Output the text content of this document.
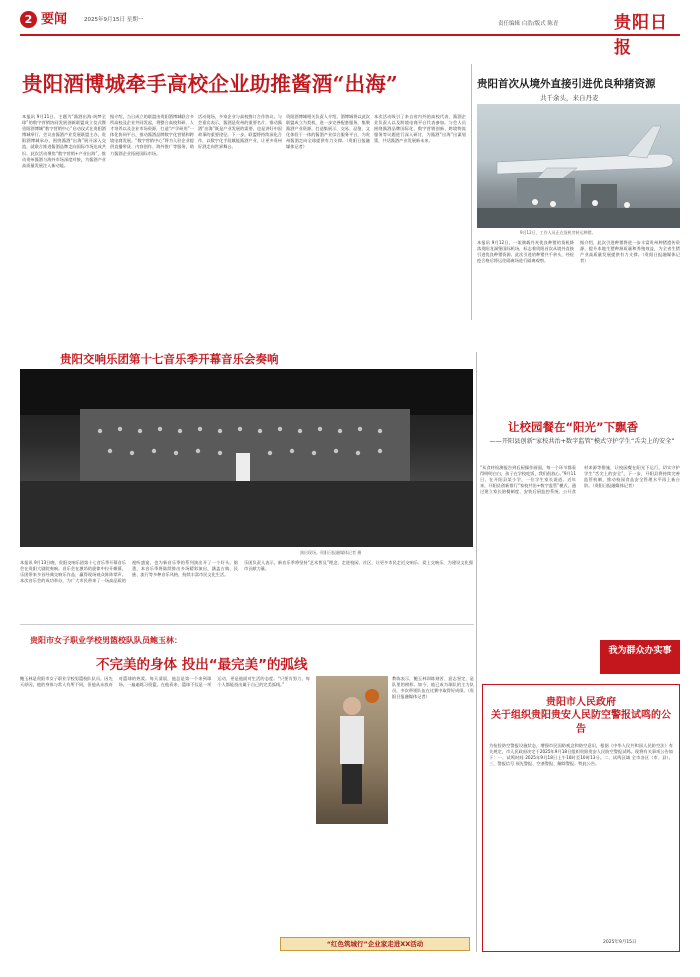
2 要闻	2025年9月15日 星期一
责任编辑 白浩/版式 陈青	贵阳日报
贵阳酒博城牵手高校企业助推酱酒“出海”
本报讯 9月11日，主题为“酱酒出海·筑梦全球”的数字营销协同发展创新联盟成立仪式暨贵阳酒博城“数字营销中心”启动仪式在贵阳酒博城举行。会议由酱酒产业发展联盟主办，贵阳酒博城承办，围绕酱酒“出海”展开深入交流，就联合推进酱酒品牌走向国际市场达成共识。此次活动聚焦“数字营销+产业出海”，推动贵州酱酒与海外市场深度对接，为酱酒产业高质量发展注入新动能。
据介绍，当日成立的联盟由贵阳酒博城联合多所高校及企业共同发起，将整合高校科研、人才培养以及企业市场资源，打造“产学研用”一体化协同平台，推动酱酒品牌数字化营销和跨境电商发展。“数字营销中心”将为入驻企业提供直播带货、内容创作、海外推广等服务，助力酱酒企业拓展国际市场。
活动现场，多家企业与高校签订合作协议。与会嘉宾表示，酱酒是贵州的重要名片，推动酱酒“出海”既是产业发展的需要，也是讲好中国故事的重要途径。下一步，联盟将持续深化合作，以数字化手段赋能酱酒产业，让更多贵州好酒走向世界舞台。
贵阳酒博城相关负责人介绍，酒博城将以此次联盟成立为契机，进一步完善配套服务，集聚酱酒产业资源，打造集展示、交易、品鉴、文化体验于一体的酱酒产业综合服务平台，为贵州酱酒走向全球提供有力支撑。（贵阳日报融媒体记者）
本次活动吸引了来自省内外的高校代表、酱酒企业负责人以及跨境电商平台代表参加。与会人员围绕酱酒品牌国际化、数字营销创新、跨境物流服务等议题进行深入研讨，为酱酒“出海”出谋划策，共话酱酒产业发展新未来。
贵阳首次从境外直接引进优良种猪资源
共千余头，来自丹麦
9月12日，工作人员正在货机旁转运种猪。
本报讯 9月12日，一架满载丹麦优良种猪的货机降落贵阳龙洞堡国际机场，标志着贵阳首次从境外直接引进优良种猪资源。此次引进的种猪共千余头，经检疫合格后将运往隔离场进行隔离观察。
据介绍，此次引进种猪将进一步丰富贵州种猪遗传资源，提升本地生猪种源质量和养殖效益，为全省生猪产业高质量发展提供有力支撑。（贵阳日报融媒体记者）
贵阳交响乐团第十七音乐季开幕音乐会奏响
演出现场。贵阳日报融媒体记者 摄
本报讯 9月13日晚，贵阳交响乐团第十七音乐季开幕音乐会在贵阳大剧院奏响。音乐会在激昂的旋律中拉开帷幕，乐团带来多首经典交响乐作品，赢得现场观众阵阵掌声。本次音乐会的成功举办，为广大市民带来了一场高品质的视听盛宴，也为新音乐季的系列演出开了一个好头。据悉，本音乐季将陆续推出多场精彩演出，涵盖古典、民族、流行等多种音乐风格，持续丰富市民文化生活。
乐团负责人表示，新音乐季将坚持“艺术普及”理念，走进校园、社区，让更多市民走近交响乐、爱上交响乐，为建设文化强市贡献力量。
让校园餐在“阳光”下飘香
——开阳县创新“家校共治+数字监管”模式守护学生“舌尖上的安全”
“从食材检测报告到后厨操作画面，每一个环节都看得明明白白，孩子在学校吃饭，我们很放心。”9月11日，在开阳县某小学，一位学生家长说道。近年来，开阳县创新推行“家校共治+数字监管”模式，通过建立家长陪餐制度、安装后厨监控系统、公开食材来源等措施，让校园餐在阳光下运行，切实守护学生“舌尖上的安全”。下一步，开阳县将持续完善监管机制，推动校园食品安全管理水平再上新台阶。（贵阳日报融媒体记者）
贵阳市女子职业学校男篮校队队员鲍玉林：
不完美的身体 投出“最完美”的弧线
鲍玉林是贵阳市女子职业学校男篮校队队员。因先天原因，他的身体与常人有所不同，但他从未放弃对篮球的热爱。每天清晨，他总是第一个来到球场，一遍遍练习投篮。在他看来，篮球不仅是一项运动，更是他面对生活的态度。“只要肯努力，每个人都能投出属于自己的完美弧线。”
教练表示，鲍玉林训练刻苦、意志坚定，是队里的榜样。如今，他已成为球队的主力队员，多次带领队伍在比赛中取得好成绩。（贵阳日报融媒体记者）
“红色筑城行”企业家走进XX活动
我为群众办实事
贵阳市人民政府
关于组织贵阳贵安人民防空警报试鸣的公告
为检验防空警报设施状态，增强市民国防观念和防空意识，根据《中华人民共和国人民防空法》有关规定，市人民政府决定于2025年9月18日组织贵阳贵安人民防空警报试鸣。现将有关事项公告如下：一、试鸣时间 2025年9月18日上午10时至10时13分。二、试鸣区域 全市各区（市、县）。三、警报信号 预先警报、空袭警报、解除警报。特此公告。
2025年9月15日
